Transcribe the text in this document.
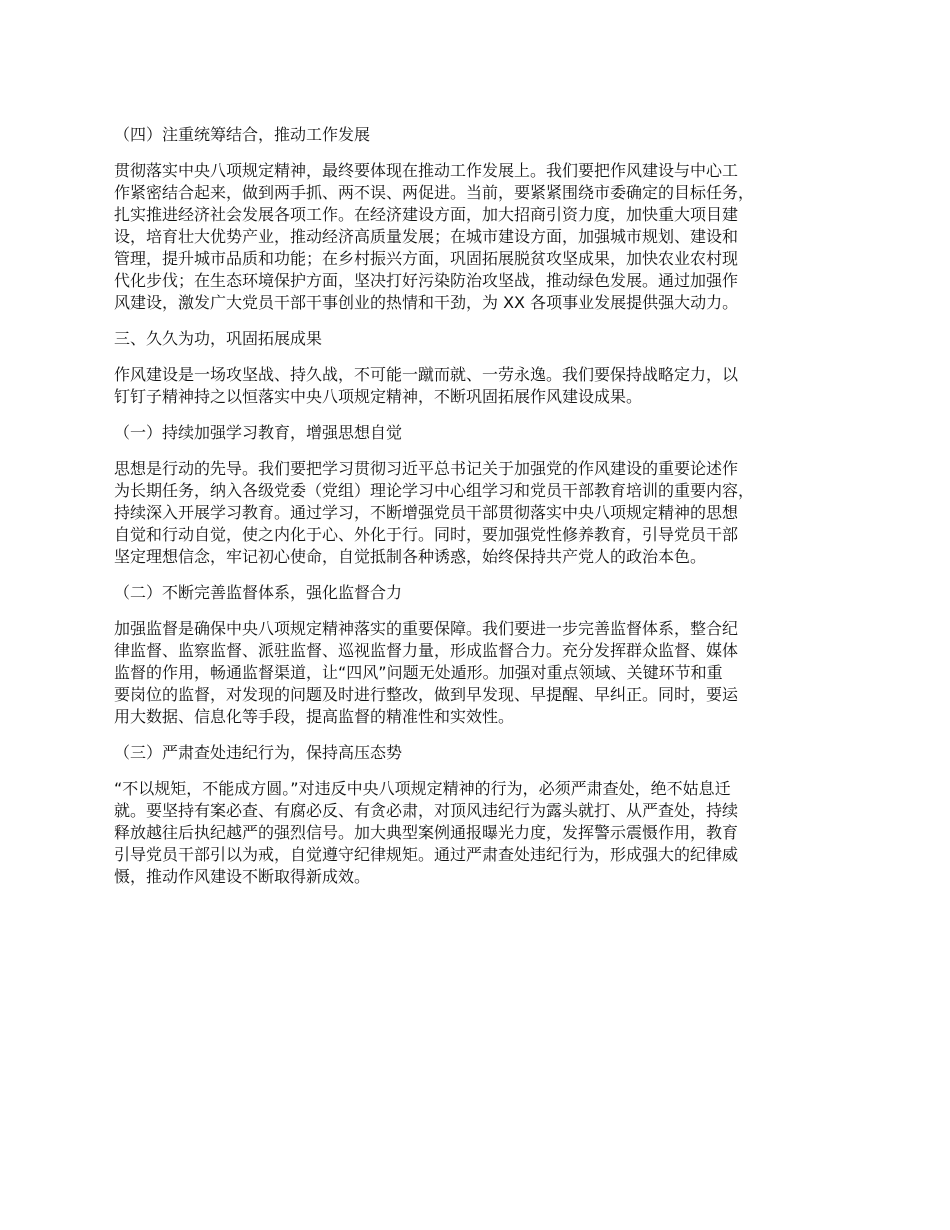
（四）注重统筹结合，推动工作发展
贯彻落实中央八项规定精神，最终要体现在推动工作发展上。我们要把作风建设与中心工
作紧密结合起来，做到两手抓、两不误、两促进。当前，要紧紧围绕市委确定的目标任务，
扎实推进经济社会发展各项工作。在经济建设方面，加大招商引资力度，加快重大项目建
设，培育壮大优势产业，推动经济高质量发展；在城市建设方面，加强城市规划、建设和
管理，提升城市品质和功能；在乡村振兴方面，巩固拓展脱贫攻坚成果，加快农业农村现
代化步伐；在生态环境保护方面，坚决打好污染防治攻坚战，推动绿色发展。通过加强作
风建设，激发广大党员干部干事创业的热情和干劲，为 XX 各项事业发展提供强大动力。
三、久久为功，巩固拓展成果
作风建设是一场攻坚战、持久战，不可能一蹴而就、一劳永逸。我们要保持战略定力，以
钉钉子精神持之以恒落实中央八项规定精神，不断巩固拓展作风建设成果。
（一）持续加强学习教育，增强思想自觉
思想是行动的先导。我们要把学习贯彻习近平总书记关于加强党的作风建设的重要论述作
为长期任务，纳入各级党委（党组）理论学习中心组学习和党员干部教育培训的重要内容，
持续深入开展学习教育。通过学习，不断增强党员干部贯彻落实中央八项规定精神的思想
自觉和行动自觉，使之内化于心、外化于行。同时，要加强党性修养教育，引导党员干部
坚定理想信念，牢记初心使命，自觉抵制各种诱惑，始终保持共产党人的政治本色。
（二）不断完善监督体系，强化监督合力
加强监督是确保中央八项规定精神落实的重要保障。我们要进一步完善监督体系，整合纪
律监督、监察监督、派驻监督、巡视监督力量，形成监督合力。充分发挥群众监督、媒体
监督的作用，畅通监督渠道，让“四风”问题无处遁形。加强对重点领域、关键环节和重
要岗位的监督，对发现的问题及时进行整改，做到早发现、早提醒、早纠正。同时，要运
用大数据、信息化等手段，提高监督的精准性和实效性。
（三）严肃查处违纪行为，保持高压态势
“不以规矩，不能成方圆。”对违反中央八项规定精神的行为，必须严肃查处，绝不姑息迁
就。要坚持有案必查、有腐必反、有贪必肃，对顶风违纪行为露头就打、从严查处，持续
释放越往后执纪越严的强烈信号。加大典型案例通报曝光力度，发挥警示震慑作用，教育
引导党员干部引以为戒，自觉遵守纪律规矩。通过严肃查处违纪行为，形成强大的纪律威
慑，推动作风建设不断取得新成效。
